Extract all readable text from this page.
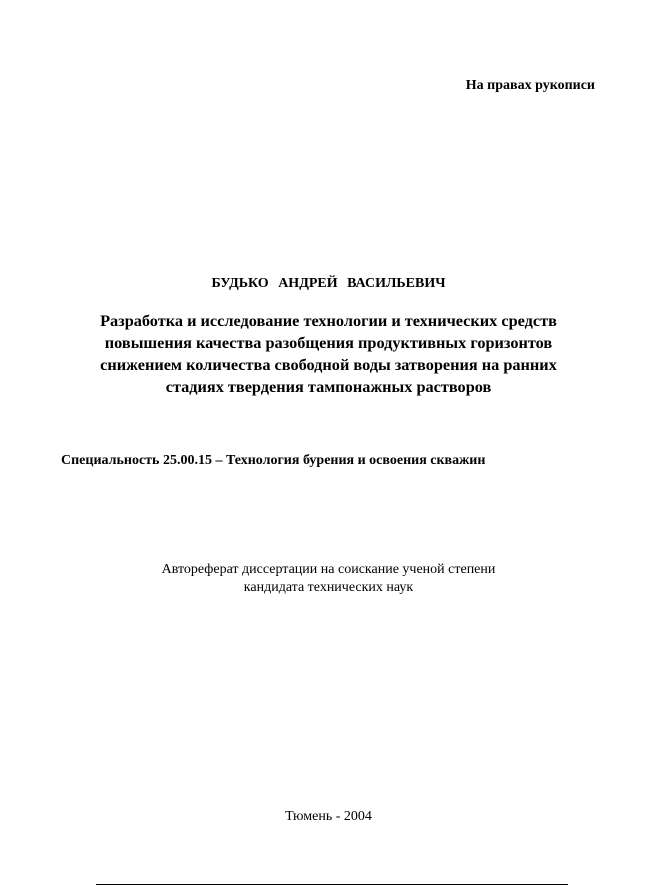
На правах рукописи
БУДЬКО АНДРЕЙ ВАСИЛЬЕВИЧ
Разработка и исследование технологии и технических средств
повышения качества разобщения продуктивных горизонтов
снижением количества свободной воды затворения на ранних
стадиях твердения тампонажных растворов
Специальность 25.00.15 – Технология бурения и освоения скважин
Автореферат диссертации на соискание ученой степени
кандидата технических наук
Тюмень - 2004
